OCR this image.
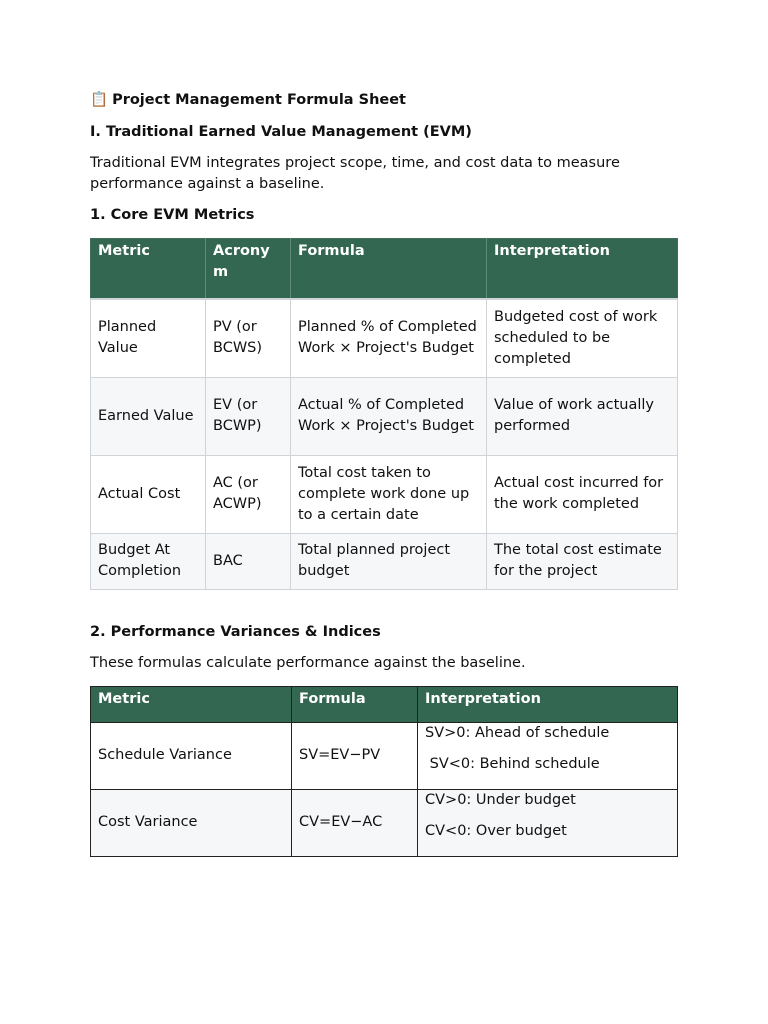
📋 Project Management Formula Sheet

I. Traditional Earned Value Management (EVM)

Traditional EVM integrates project scope, time, and cost data to measure performance against a baseline.

1. Core EVM Metrics

Metric	Acronym	Formula	Interpretation
Planned Value	PV (or BCWS)	Planned % of Completed Work × Project's Budget	Budgeted cost of work scheduled to be completed
Earned Value	EV (or BCWP)	Actual % of Completed Work × Project's Budget	Value of work actually performed
Actual Cost	AC (or ACWP)	Total cost taken to complete work done up to a certain date	Actual cost incurred for the work completed
Budget At Completion	BAC	Total planned project budget	The total cost estimate for the project

2. Performance Variances & Indices

These formulas calculate performance against the baseline.

Metric	Formula	Interpretation
Schedule Variance	SV=EV−PV	SV>0: Ahead of schedule
SV<0: Behind schedule

Cost Variance	CV=EV−AC	CV>0: Under budget
CV<0: Over budget
